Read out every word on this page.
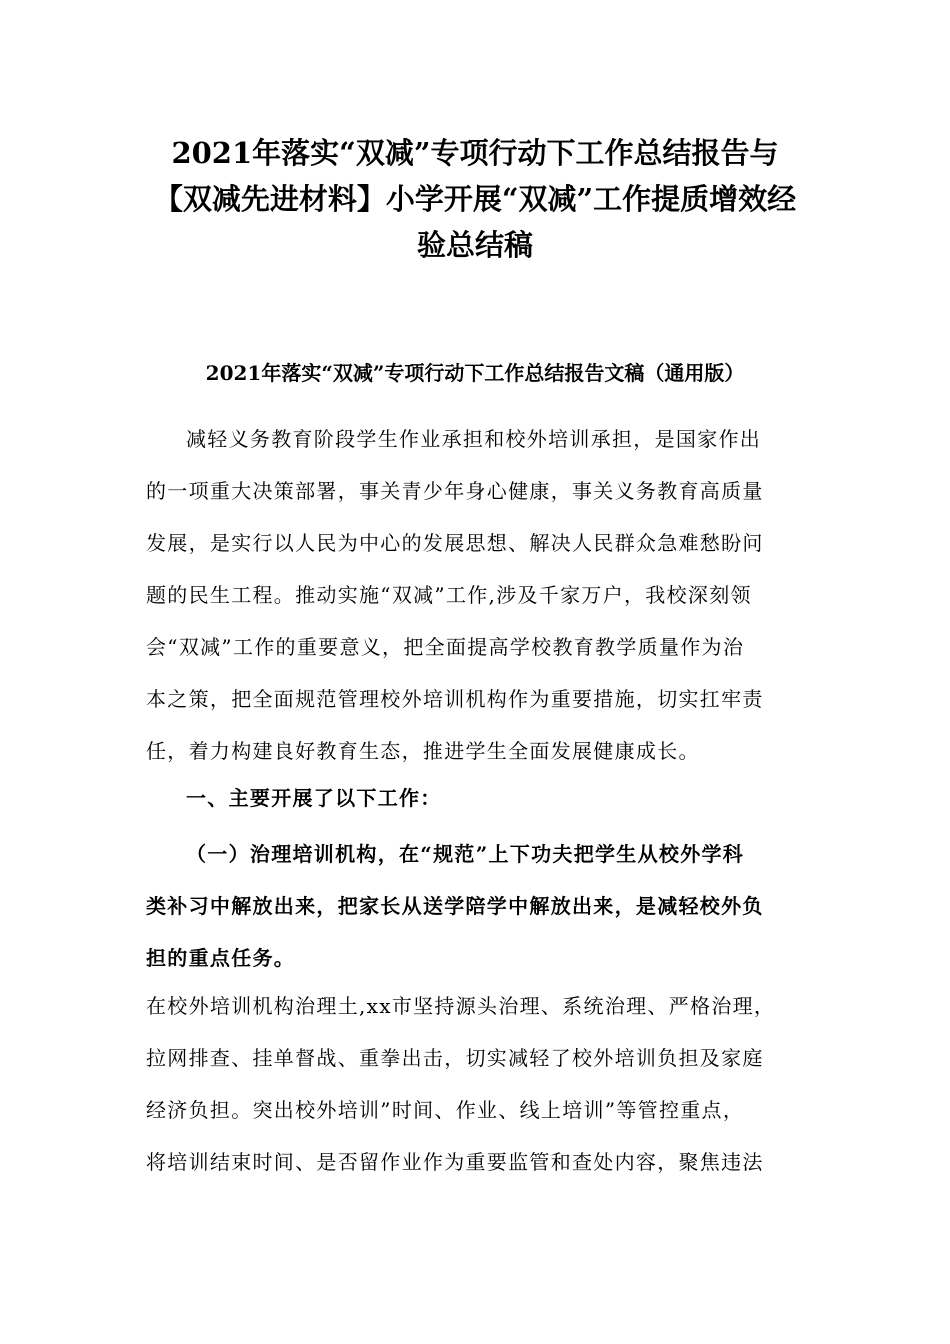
2021年落实“双减”专项行动下工作总结报告与
【双减先进材料】小学开展“双减”工作提质增效经
验总结稿
2021年落实“双减”专项行动下工作总结报告文稿（通用版）
减轻义务教育阶段学生作业承担和校外培训承担，是国家作出
的一项重大决策部署，事关青少年身心健康，事关义务教育高质量
发展，是实行以人民为中心的发展思想、解决人民群众急难愁盼问
题的民生工程。推动实施“双减”工作,涉及千家万户，我校深刻领
会“双减”工作的重要意义，把全面提高学校教育教学质量作为治
本之策，把全面规范管理校外培训机构作为重要措施，切实扛牢责
任，着力构建良好教育生态，推进学生全面发展健康成长。
一、主要开展了以下工作：
（一）治理培训机构，在“规范”上下功夫把学生从校外学科
类补习中解放出来，把家长从送学陪学中解放出来，是减轻校外负
担的重点任务。
在校外培训机构治理土,xx市坚持源头治理、系统治理、严格治理，
拉网排查、挂单督战、重拳出击，切实减轻了校外培训负担及家庭
经济负担。突出校外培训”时间、作业、线上培训”等管控重点，
将培训结束时间、是否留作业作为重要监管和查处内容，聚焦违法
